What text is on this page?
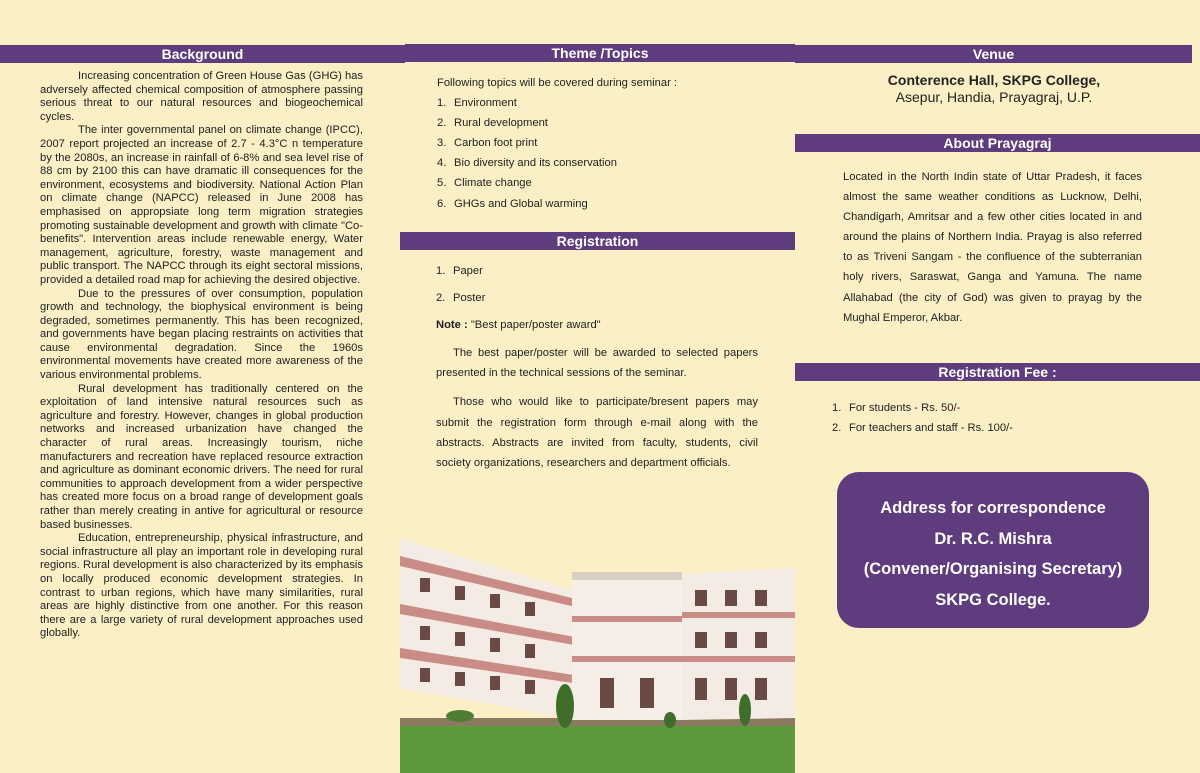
Background

Increasing concentration of Green House Gas (GHG) has adversely affected chemical composition of atmosphere passing serious threat to our natural resources and biogeochemical cycles.

The inter governmental panel on climate change (IPCC), 2007 report projected an increase of 2.7 - 4.3°C n temperature by the 2080s, an increase in rainfall of 6-8% and sea level rise of 88 cm by 2100 this can have dramatic ill consequences for the environment, ecosystems and biodiversity. National Action Plan on climate change (NAPCC) released in June 2008 has emphasised on appropsiate long term migration strategies promoting sustainable development and growth with climate "Co-benefits". Intervention areas include renewable energy, Water management, agriculture, forestry, waste management and public transport. The NAPCC through its eight sectoral missions, provided a detailed road map for achieving the desired objective.

Due to the pressures of over consumption, population growth and technology, the biophysical environment is being degraded, sometimes permanently. This has been recognized, and governments have began placing restraints on activities that cause environmental degradation. Since the 1960s environmental movements have created more awareness of the various environmental problems.

Rural development has traditionally centered on the exploitation of land intensive natural resources such as agriculture and forestry. However, changes in global production networks and increased urbanization have changed the character of rural areas. Increasingly tourism, niche manufacturers and recreation have replaced resource extraction and agriculture as dominant economic drivers. The need for rural communities to approach development from a wider perspective has created more focus on a broad range of development goals rather than merely creating in antive for agricultural or resource based businesses.

Education, entrepreneurship, physical infrastructure, and social infrastructure all play an important role in developing rural regions. Rural development is also characterized by its emphasis on locally produced economic development strategies. In contrast to urban regions, which have many similarities, rural areas are highly distinctive from one another. For this reason there are a large variety of rural development approaches used globally.

Theme /Topics
Following topics will be covered during seminar :
1. Environment
2. Rural development
3. Carbon foot print
4. Bio diversity and its conservation
5. Climate change
6. GHGs and Global warming
Registration
1. Paper
2. Poster
Note : "Best paper/poster award"

The best paper/poster will be awarded to selected papers presented in the technical sessions of the seminar.

Those who would like to participate/bresent papers may submit the registration form through e-mail along with the abstracts. Abstracts are invited from faculty, students, civil society organizations, researchers and department officials.

Venue
Conterence Hall, SKPG College,
Asepur, Handia, Prayagraj, U.P.
About Prayagraj
Located in the North Indin state of Uttar Pradesh, it faces almost the same weather conditions as Lucknow, Delhi, Chandigarh, Amritsar and a few other cities located in and around the plains of Northern India. Prayag is also referred to as Triveni Sangam - the confluence of the subterranian holy rivers, Saraswat, Ganga and Yamuna. The name Allahabad (the city of God) was given to prayag by the Mughal Emperor, Akbar.
Registration Fee :
1. For students - Rs. 50/-
2. For teachers and staff - Rs. 100/-
Address for correspondence
Dr. R.C. Mishra
(Convener/Organising Secretary)
SKPG College.
